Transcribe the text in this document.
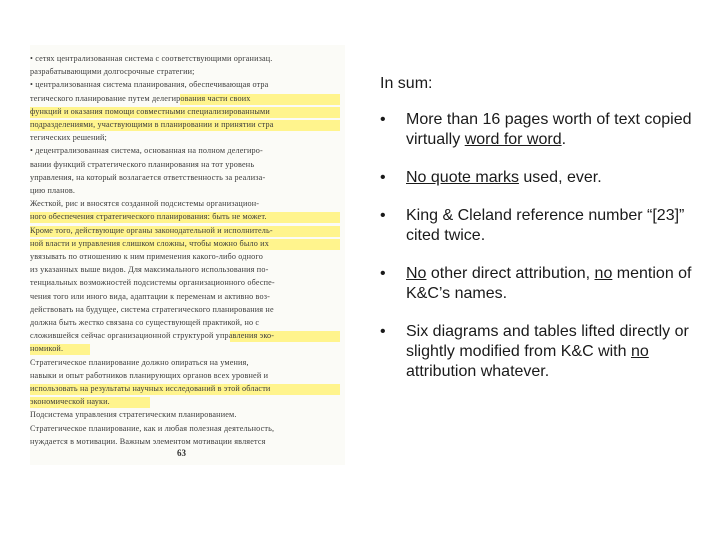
• сетях централизованная система с соответствующими организац.
разрабатывающими долгосрочные стратегии;
• централизованная система планирования, обеспечивающая отра
тегического планирование путем делегирования части своих
функций и оказания помощи совместными специализированными
подразделениями, участвующими в планировании и принятии стра
тегических решений;
• децентрализованная система, основанная на полном делегиро-
вании функций стратегического планирования на тот уровень
управления, на который возлагается ответственность за реализа-
цию планов.
Жесткой, рис и вносятся созданной подсистемы организацион-
ного обеспечения стратегического планирования: быть не может.
Кроме того, действующие органы законодательной и исполнитель-
ной власти и управления слишком сложны, чтобы можно было их
увязывать по отношению к ним применения какого-либо одного
из указанных выше видов. Для максимального использования по-
тенциальных возможностей подсистемы организационного обеспе-
чения того или иного вида, адаптации к переменам и активно воз-
действовать на будущее, система стратегического планирования не
должна быть жестко связана со существующей практикой, но с
сложившейся сейчас организационной структурой управления эко-
номикой.
Стратегическое планирование должно опираться на умения,
навыки и опыт работников планирующих органов всех уровней и
использовать на результаты научных исследований в этой области
экономической науки.
Подсистема управления стратегическим планированием.
Стратегическое планирование, как и любая полезная деятельность,
нуждается в мотивации. Важным элементом мотивации является
63
In sum:
• More than 16 pages worth of text copied virtually word for word.
• No quote marks used, ever.
• King & Cleland reference number “[23]” cited twice.
• No other direct attribution, no mention of K&C’s names.
• Six diagrams and tables lifted directly or slightly modified from K&C with no attribution whatever.
